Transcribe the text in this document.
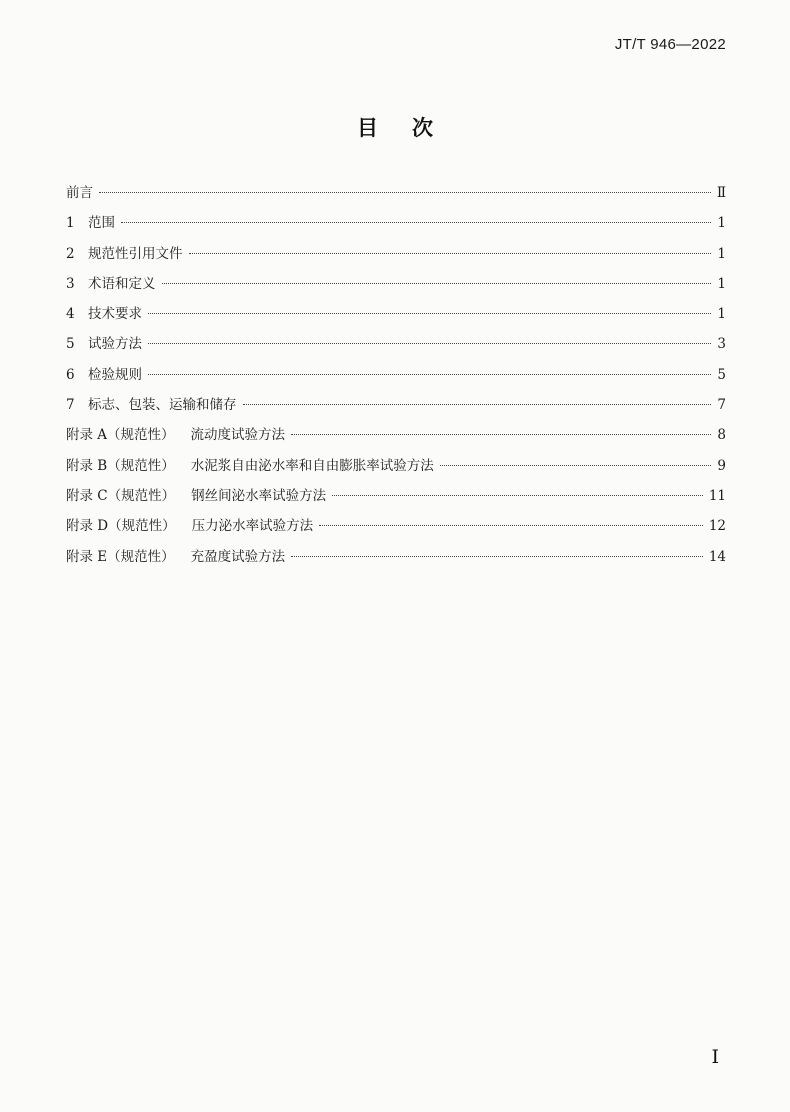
JT/T 946—2022
目次
前言	Ⅱ
1 范围	1
2 规范性引用文件	1
3 术语和定义	1
4 技术要求	1
5 试验方法	3
6 检验规则	5
7 标志、包装、运输和储存	7
附录 A（规范性） 流动度试验方法	8
附录 B（规范性） 水泥浆自由泌水率和自由膨胀率试验方法	9
附录 C（规范性） 钢丝间泌水率试验方法	11
附录 D（规范性） 压力泌水率试验方法	12
附录 E（规范性） 充盈度试验方法	14
Ⅰ
